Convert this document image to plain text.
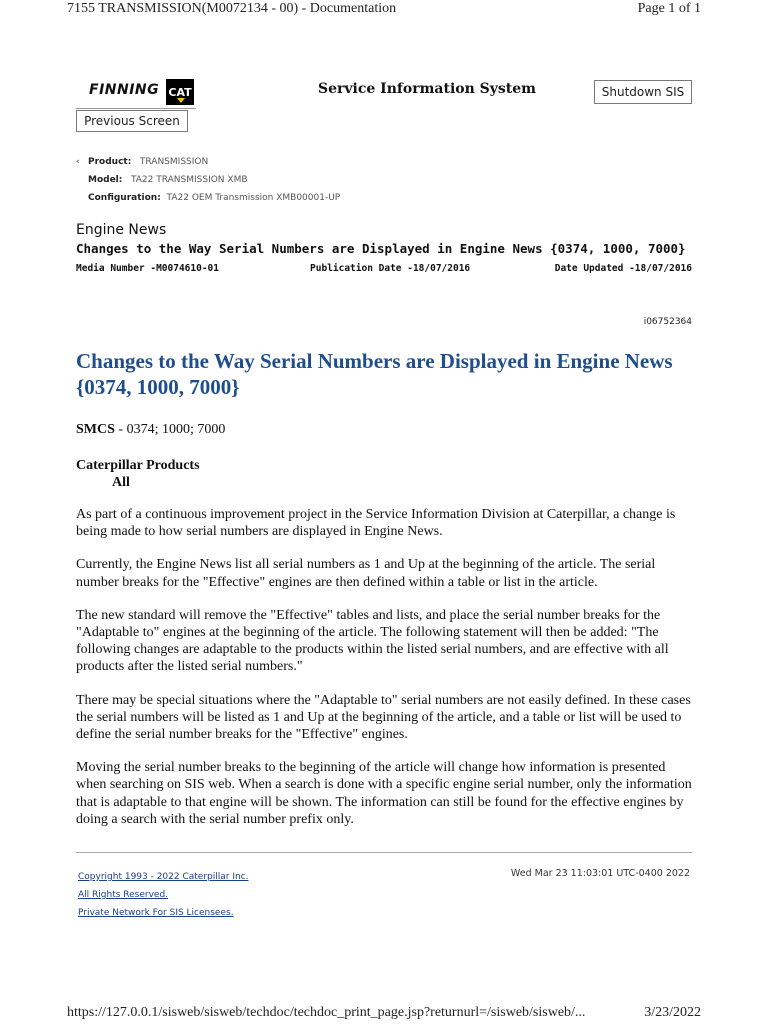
7155 TRANSMISSION(M0072134 - 00) - Documentation	Page 1 of 1
FINNING CAT	Service Information System	Shutdown SIS
Previous Screen
‹ Product: TRANSMISSION
Model: TA22 TRANSMISSION XMB
Configuration: TA22 OEM Transmission XMB00001-UP
Engine News
Changes to the Way Serial Numbers are Displayed in Engine News {0374, 1000, 7000}
Media Number -M0074610-01	Publication Date -18/07/2016	Date Updated -18/07/2016
i06752364
Changes to the Way Serial Numbers are Displayed in Engine News {0374, 1000, 7000}
SMCS - 0374; 1000; 7000
Caterpillar Products
All

As part of a continuous improvement project in the Service Information Division at Caterpillar, a change is being made to how serial numbers are displayed in Engine News.

Currently, the Engine News list all serial numbers as 1 and Up at the beginning of the article. The serial number breaks for the "Effective" engines are then defined within a table or list in the article.

The new standard will remove the "Effective" tables and lists, and place the serial number breaks for the "Adaptable to" engines at the beginning of the article. The following statement will then be added: "The following changes are adaptable to the products within the listed serial numbers, and are effective with all products after the listed serial numbers."

There may be special situations where the "Adaptable to" serial numbers are not easily defined. In these cases the serial numbers will be listed as 1 and Up at the beginning of the article, and a table or list will be used to define the serial number breaks for the "Effective" engines.

Moving the serial number breaks to the beginning of the article will change how information is presented when searching on SIS web. When a search is done with a specific engine serial number, only the information that is adaptable to that engine will be shown. The information can still be found for the effective engines by doing a search with the serial number prefix only.

Copyright 1993 - 2022 Caterpillar Inc.
All Rights Reserved.
Private Network For SIS Licensees.
Wed Mar 23 11:03:01 UTC-0400 2022
https://127.0.0.1/sisweb/sisweb/techdoc/techdoc_print_page.jsp?returnurl=/sisweb/sisweb/...	3/23/2022
